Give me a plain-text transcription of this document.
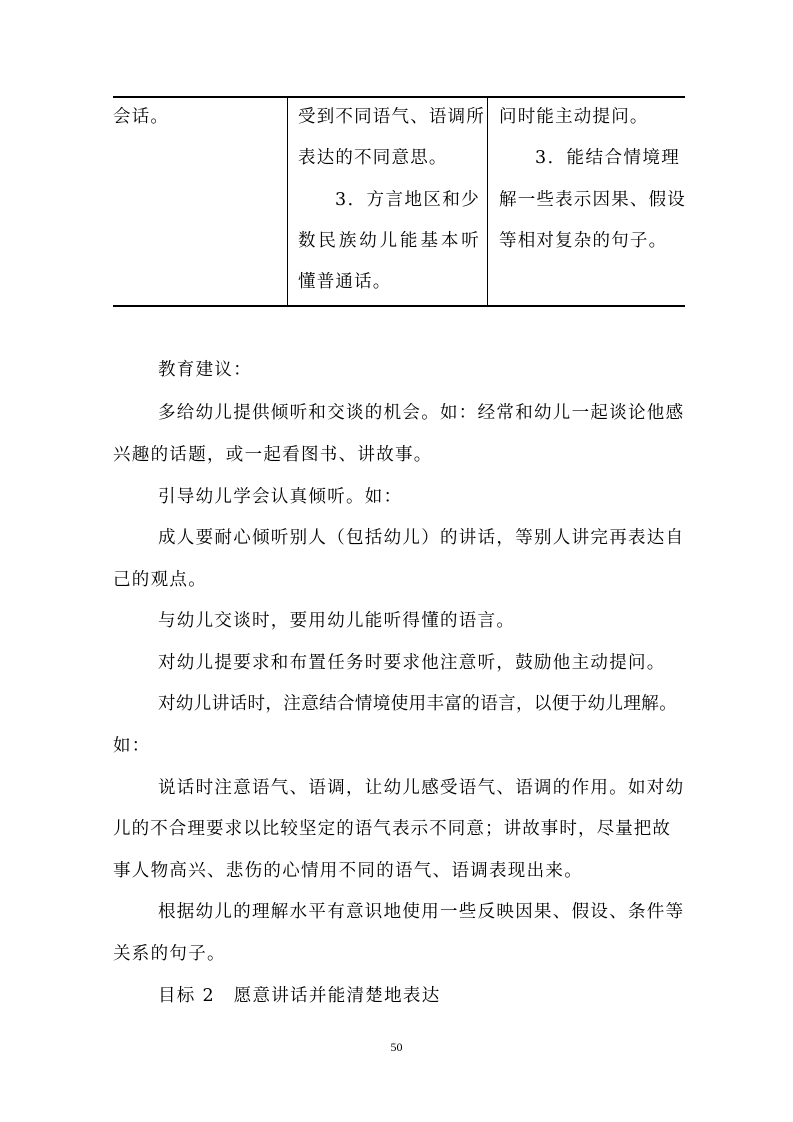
会话。	受到不同语气、语调所
表达的不同意思。
3．方言地区和少
数民族幼儿能基本听
懂普通话。
问时能主动提问。
3．能结合情境理
解一些表示因果、假设
等相对复杂的句子。
教育建议：
多给幼儿提供倾听和交谈的机会。如：经常和幼儿一起谈论他感
兴趣的话题，或一起看图书、讲故事。
引导幼儿学会认真倾听。如：
成人要耐心倾听别人（包括幼儿）的讲话，等别人讲完再表达自
己的观点。
与幼儿交谈时，要用幼儿能听得懂的语言。
对幼儿提要求和布置任务时要求他注意听，鼓励他主动提问。
对幼儿讲话时，注意结合情境使用丰富的语言，以便于幼儿理解。
如：
说话时注意语气、语调，让幼儿感受语气、语调的作用。如对幼
儿的不合理要求以比较坚定的语气表示不同意；讲故事时，尽量把故
事人物高兴、悲伤的心情用不同的语气、语调表现出来。
根据幼儿的理解水平有意识地使用一些反映因果、假设、条件等
关系的句子。
目标 2　愿意讲话并能清楚地表达
50
